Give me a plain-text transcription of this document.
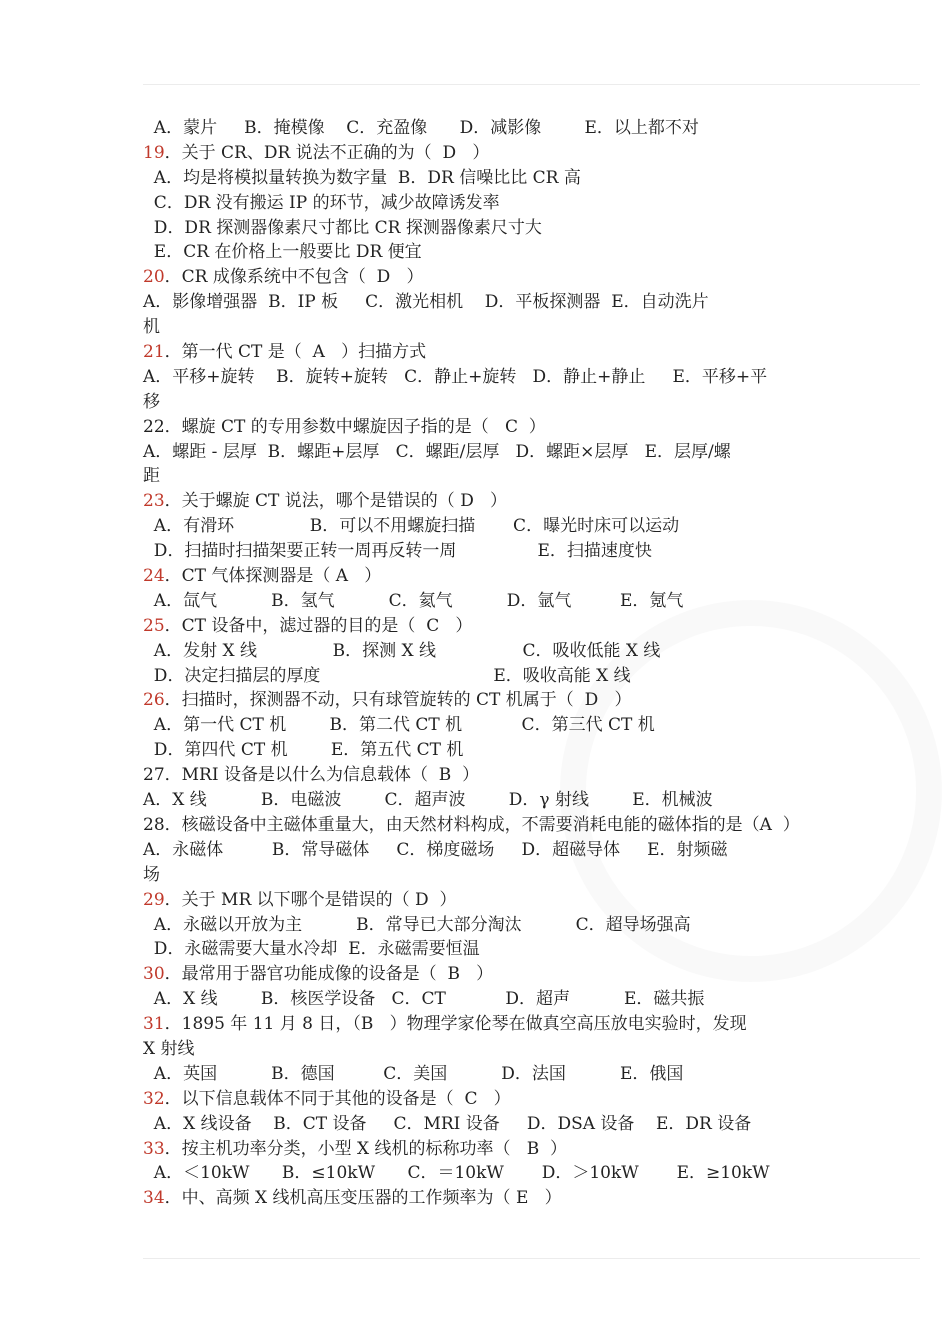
A．蒙片     B．掩模像    C．充盈像      D．减影像        E．以上都不对
19．关于 CR、DR 说法不正确的为（  D   ）
A．均是将模拟量转换为数字量  B．DR 信噪比比 CR 高
C．DR 没有搬运 IP 的环节，减少故障诱发率
D．DR 探测器像素尺寸都比 CR 探测器像素尺寸大
E．CR 在价格上一般要比 DR 便宜
20．CR 成像系统中不包含（  D   ）
A．影像增强器  B．IP 板     C．激光相机    D．平板探测器  E．自动洗片
机
21．第一代 CT 是（  A   ）扫描方式
A．平移+旋转    B．旋转+旋转   C．静止+旋转   D．静止+静止     E．平移+平
移
22．螺旋 CT 的专用参数中螺旋因子指的是（   C  ）
A．螺距 - 层厚  B．螺距+层厚   C．螺距/层厚   D．螺距×层厚   E．层厚/螺
距
23．关于螺旋 CT 说法，哪个是错误的（ D   ）
A．有滑环              B．可以不用螺旋扫描       C．曝光时床可以运动
D．扫描时扫描架要正转一周再反转一周               E．扫描速度快
24．CT 气体探测器是（ A   ）
A．氙气          B．氢气          C．氦气          D．氩气         E．氪气
25．CT 设备中，滤过器的目的是（  C   ）
A．发射 X 线              B．探测 X 线                C．吸收低能 X 线
D．决定扫描层的厚度                                E．吸收高能 X 线
26．扫描时，探测器不动，只有球管旋转的 CT 机属于（  D   ）
A．第一代 CT 机        B．第二代 CT 机           C．第三代 CT 机
D．第四代 CT 机        E．第五代 CT 机
27．MRI 设备是以什么为信息载体（  B  ）
A．X 线          B．电磁波        C．超声波        D．γ 射线        E．机械波
28．核磁设备中主磁体重量大，由天然材料构成，不需要消耗电能的磁体指的是（A  ）
A．永磁体         B．常导磁体     C．梯度磁场     D．超磁导体     E．射频磁
场
29．关于 MR 以下哪个是错误的（ D  ）
A．永磁以开放为主          B．常导已大部分淘汰          C．超导场强高
D．永磁需要大量水冷却  E．永磁需要恒温
30．最常用于器官功能成像的设备是（  B   ）
A．X 线        B．核医学设备   C．CT           D．超声          E．磁共振
31．1895 年 11 月 8 日，（B   ）物理学家伦琴在做真空高压放电实验时，发现
X 射线
A．英国          B．德国         C．美国          D．法国          E．俄国
32．以下信息载体不同于其他的设备是（  C   ）
A．X 线设备    B．CT 设备     C．MRI 设备     D．DSA 设备    E．DR 设备
33．按主机功率分类，小型 X 线机的标称功率（   B  ）
A．＜10kW      B．≤10kW      C．＝10kW       D．＞10kW       E．≥10kW
34．中、高频 X 线机高压变压器的工作频率为（ E   ）
